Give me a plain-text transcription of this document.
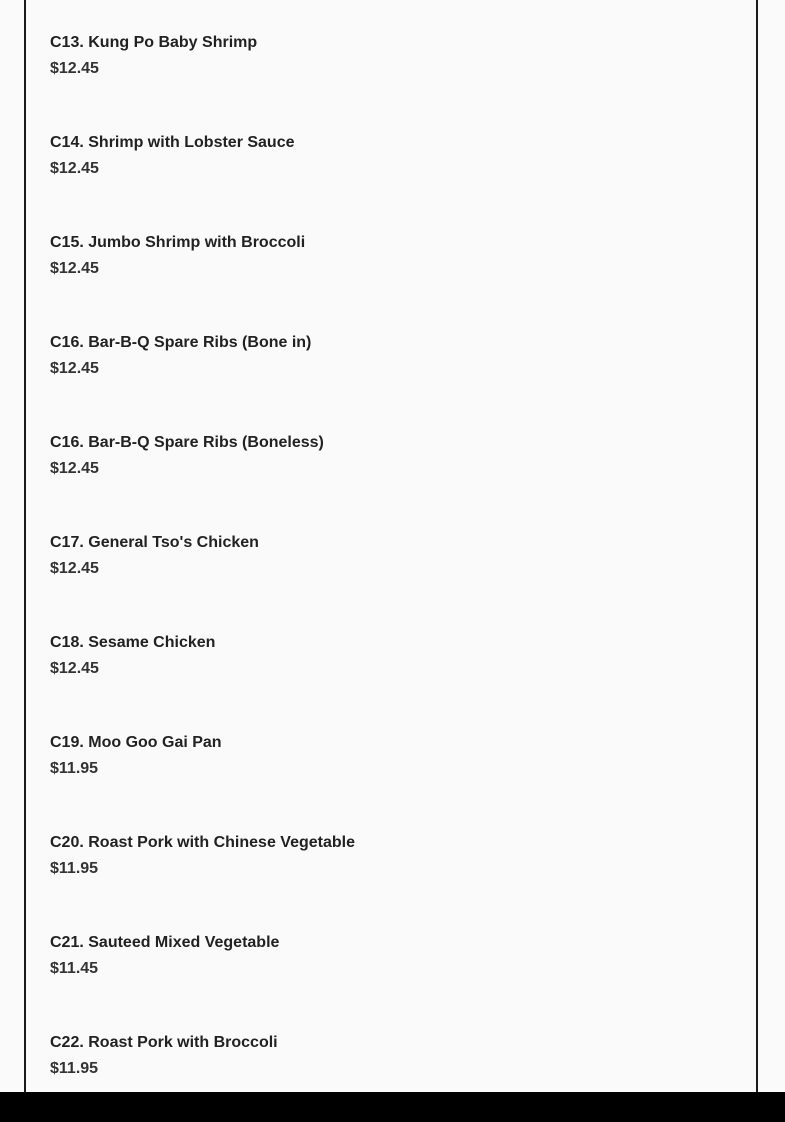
C13. Kung Po Baby Shrimp
$12.45
C14. Shrimp with Lobster Sauce
$12.45
C15. Jumbo Shrimp with Broccoli
$12.45
C16. Bar-B-Q Spare Ribs (Bone in)
$12.45
C16. Bar-B-Q Spare Ribs (Boneless)
$12.45
C17. General Tso's Chicken
$12.45
C18. Sesame Chicken
$12.45
C19. Moo Goo Gai Pan
$11.95
C20. Roast Pork with Chinese Vegetable
$11.95
C21. Sauteed Mixed Vegetable
$11.45
C22. Roast Pork with Broccoli
$11.95
